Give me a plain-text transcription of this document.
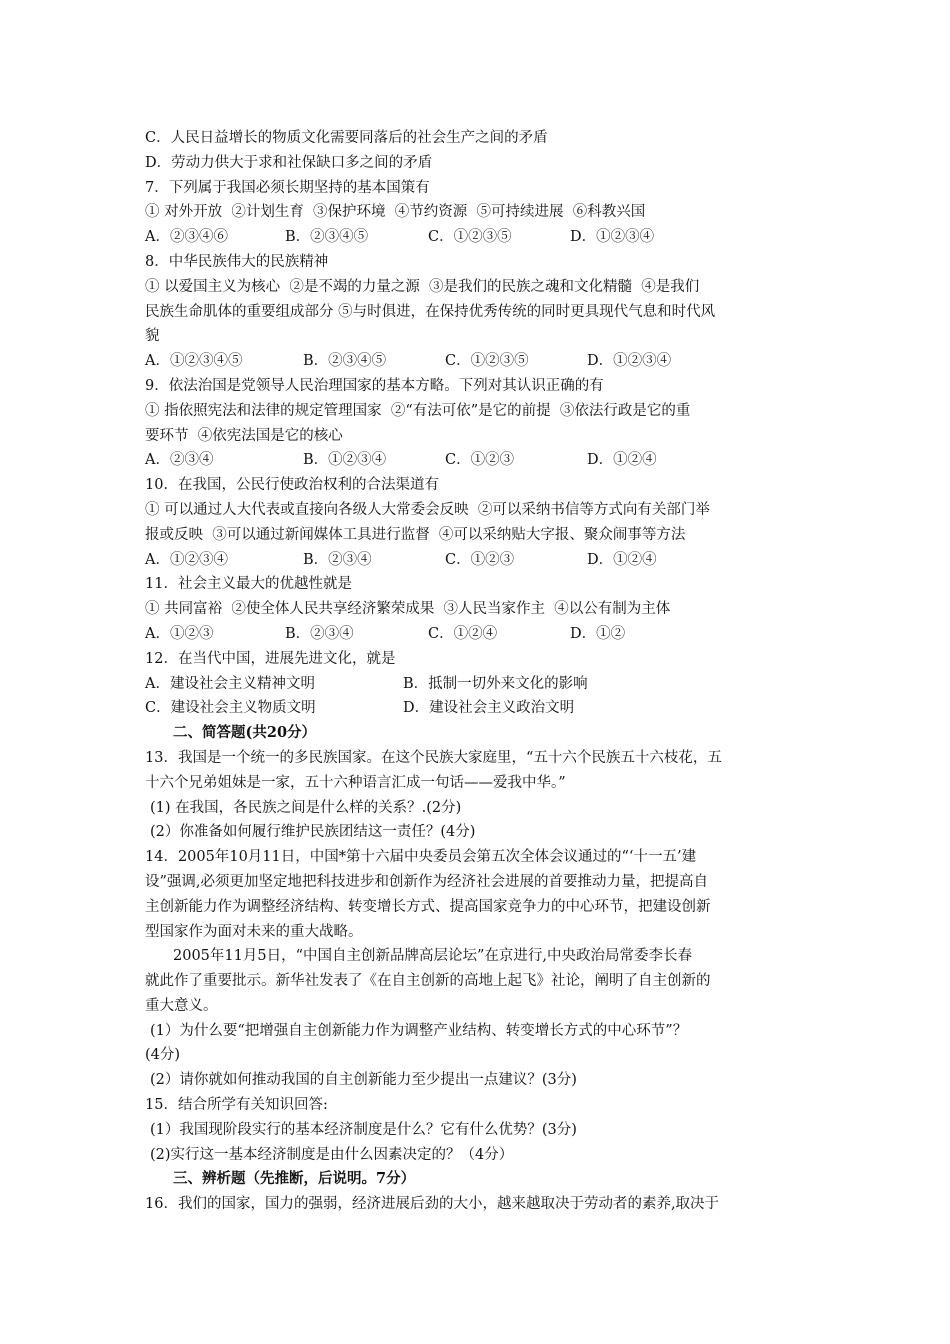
C．人民日益增长的物质文化需要同落后的社会生产之间的矛盾
D．劳动力供大于求和社保缺口多之间的矛盾
7．下列属于我国必须长期坚持的基本国策有
① 对外开放  ②计划生育  ③保护环境  ④节约资源  ⑤可持续进展  ⑥科教兴国
A．②③④⑥	B．②③④⑤	C．①②③⑤	D．①②③④
8．中华民族伟大的民族精神
① 以爱国主义为核心  ②是不竭的力量之源  ③是我们的民族之魂和文化精髓  ④是我们
民族生命肌体的重要组成部分 ⑤与时俱进，在保持优秀传统的同时更具现代气息和时代风
貌
A．①②③④⑤	B．②③④⑤	C．①②③⑤	D．①②③④
9．依法治国是党领导人民治理国家的基本方略。下列对其认识正确的有
① 指依照宪法和法律的规定管理国家  ②“有法可依”是它的前提  ③依法行政是它的重
要环节  ④依宪法国是它的核心
A．②③④	B．①②③④	C．①②③	D．①②④
10．在我国，公民行使政治权利的合法渠道有
① 可以通过人大代表或直接向各级人大常委会反映  ②可以采纳书信等方式向有关部门举
报或反映  ③可以通过新闻媒体工具进行监督  ④可以采纳贴大字报、聚众闹事等方法
A．①②③④	B．②③④	C．①②③	D．①②④
11．社会主义最大的优越性就是
① 共同富裕  ②使全体人民共享经济繁荣成果  ③人民当家作主  ④以公有制为主体
A．①②③	B．②③④	C．①②④	D．①②
12．在当代中国，进展先进文化，就是
A．建设社会主义精神文明	B．抵制一切外来文化的影响
C．建设社会主义物质文明	D．建设社会主义政治文明
二、简答题(共20分）
13．我国是一个统一的多民族国家。在这个民族大家庭里，“五十六个民族五十六枝花，五
十六个兄弟姐妹是一家，五十六种语言汇成一句话——爱我中华。”
(1) 在我国，各民族之间是什么样的关系？.(2分)
(2）你准备如何履行维护民族团结这一责任？(4分)
14．2005年10月11日，中国*第十六届中央委员会第五次全体会议通过的“‘十一五’建
设”强调,必须更加坚定地把科技进步和创新作为经济社会进展的首要推动力量，把提高自
主创新能力作为调整经济结构、转变增长方式、提高国家竞争力的中心环节，把建设创新
型国家作为面对未来的重大战略。
2005年11月5日，“中国自主创新品牌高层论坛”在京进行,中央政治局常委李长春
就此作了重要批示。新华社发表了《在自主创新的高地上起飞》社论，阐明了自主创新的
重大意义。
(1）为什么要“把增强自主创新能力作为调整产业结构、转变增长方式的中心环节”？
(4分)
(2）请你就如何推动我国的自主创新能力至少提出一点建议？(3分)
15．结合所学有关知识回答:
(1）我国现阶段实行的基本经济制度是什么？它有什么优势？(3分)
(2)实行这一基本经济制度是由什么因素决定的？（4分）
三、辨析题（先推断，后说明。7分）
16．我们的国家，国力的强弱，经济进展后劲的大小，越来越取决于劳动者的素养,取决于
